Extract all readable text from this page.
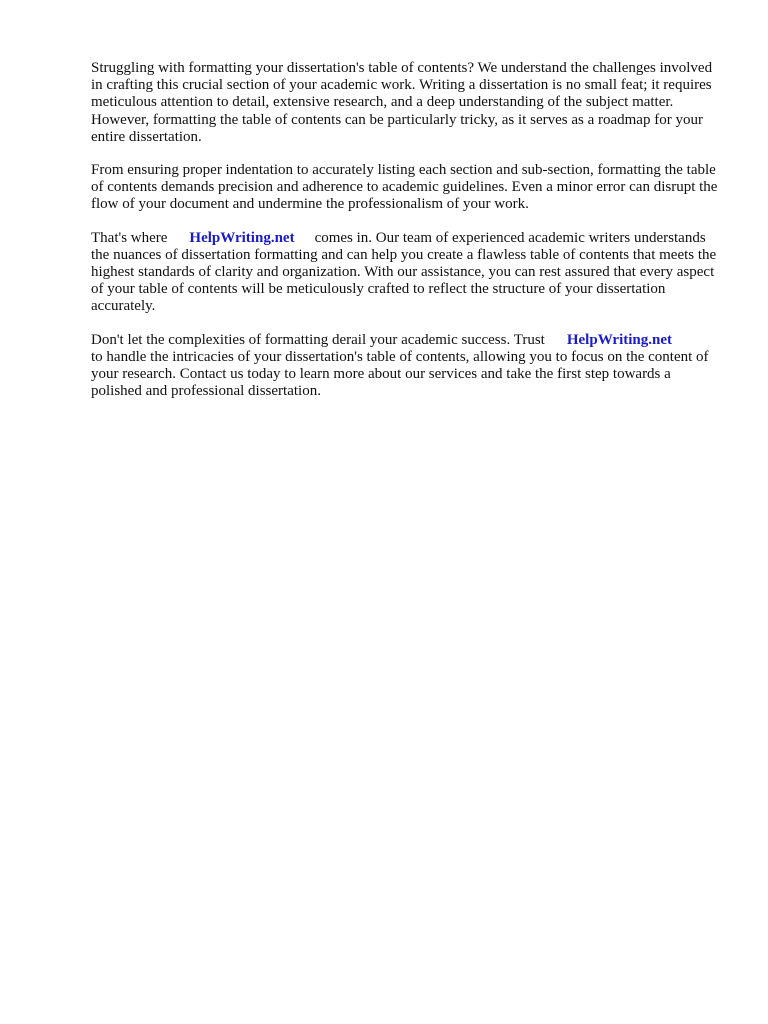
Struggling with formatting your dissertation's table of contents? We understand the challenges involved in crafting this crucial section of your academic work. Writing a dissertation is no small feat; it requires meticulous attention to detail, extensive research, and a deep understanding of the subject matter. However, formatting the table of contents can be particularly tricky, as it serves as a roadmap for your entire dissertation.

From ensuring proper indentation to accurately listing each section and sub-section, formatting the table of contents demands precision and adherence to academic guidelines. Even a minor error can disrupt the flow of your document and undermine the professionalism of your work.

That's where HelpWriting.net comes in. Our team of experienced academic writers understands the nuances of dissertation formatting and can help you create a flawless table of contents that meets the highest standards of clarity and organization. With our assistance, you can rest assured that every aspect of your table of contents will be meticulously crafted to reflect the structure of your dissertation accurately.

Don't let the complexities of formatting derail your academic success. Trust HelpWriting.net
to handle the intricacies of your dissertation's table of contents, allowing you to focus on the content of your research. Contact us today to learn more about our services and take the first step towards a polished and professional dissertation.
